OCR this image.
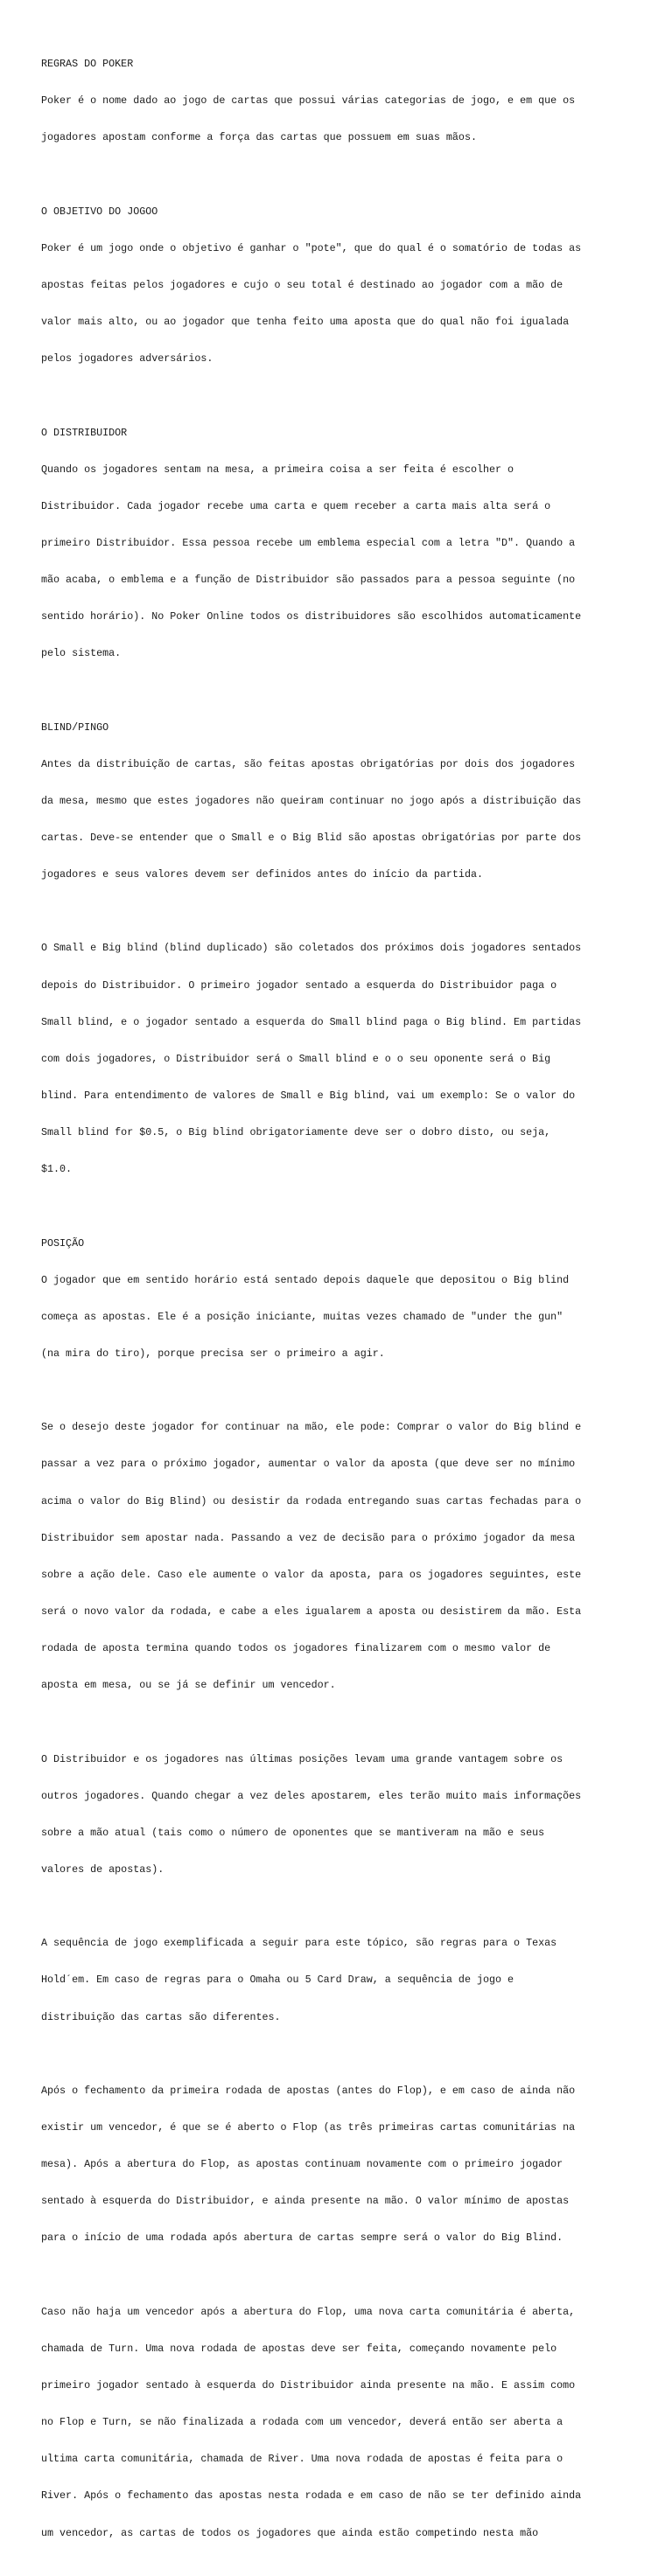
REGRAS DO POKER

Poker é o nome dado ao jogo de cartas que possui várias categorias de jogo, e em que os

jogadores apostam conforme a força das cartas que possuem em suas mãos.

O OBJETIVO DO JOGOO

Poker é um jogo onde o objetivo é ganhar o "pote", que do qual é o somatório de todas as

apostas feitas pelos jogadores e cujo o seu total é destinado ao jogador com a mão de

valor mais alto, ou ao jogador que tenha feito uma aposta que do qual não foi igualada

pelos jogadores adversários.

O DISTRIBUIDOR

Quando os jogadores sentam na mesa, a primeira coisa a ser feita é escolher o

Distribuidor. Cada jogador recebe uma carta e quem receber a carta mais alta será o

primeiro Distribuidor. Essa pessoa recebe um emblema especial com a letra "D". Quando a

mão acaba, o emblema e a função de Distribuidor são passados para a pessoa seguinte (no

sentido horário). No Poker Online todos os distribuidores são escolhidos automaticamente

pelo sistema.

BLIND/PINGO

Antes da distribuição de cartas, são feitas apostas obrigatórias por dois dos jogadores

da mesa, mesmo que estes jogadores não queiram continuar no jogo após a distribuição das

cartas. Deve-se entender que o Small e o Big Blid são apostas obrigatórias por parte dos

jogadores e seus valores devem ser definidos antes do início da partida.

O Small e Big blind (blind duplicado) são coletados dos próximos dois jogadores sentados

depois do Distribuidor. O primeiro jogador sentado a esquerda do Distribuidor paga o

Small blind, e o jogador sentado a esquerda do Small blind paga o Big blind. Em partidas

com dois jogadores, o Distribuidor será o Small blind e o o seu oponente será o Big

blind. Para entendimento de valores de Small e Big blind, vai um exemplo: Se o valor do

Small blind for $0.5, o Big blind obrigatoriamente deve ser o dobro disto, ou seja,

$1.0.

POSIÇÃO

O jogador que em sentido horário está sentado depois daquele que depositou o Big blind

começa as apostas. Ele é a posição iniciante, muitas vezes chamado de "under the gun"

(na mira do tiro), porque precisa ser o primeiro a agir.

Se o desejo deste jogador for continuar na mão, ele pode: Comprar o valor do Big blind e

passar a vez para o próximo jogador, aumentar o valor da aposta (que deve ser no mínimo

acima o valor do Big Blind) ou desistir da rodada entregando suas cartas fechadas para o

Distribuidor sem apostar nada. Passando a vez de decisão para o próximo jogador da mesa

sobre a ação dele. Caso ele aumente o valor da aposta, para os jogadores seguintes, este

será o novo valor da rodada, e cabe a eles igualarem a aposta ou desistirem da mão. Esta

rodada de aposta termina quando todos os jogadores finalizarem com o mesmo valor de

aposta em mesa, ou se já se definir um vencedor.

O Distribuidor e os jogadores nas últimas posições levam uma grande vantagem sobre os

outros jogadores. Quando chegar a vez deles apostarem, eles terão muito mais informações

sobre a mão atual (tais como o número de oponentes que se mantiveram na mão e seus

valores de apostas).

A sequência de jogo exemplificada a seguir para este tópico, são regras para o Texas

Hold´em. Em caso de regras para o Omaha ou 5 Card Draw, a sequência de jogo e

distribuição das cartas são diferentes.

Após o fechamento da primeira rodada de apostas (antes do Flop), e em caso de ainda não

existir um vencedor, é que se é aberto o Flop (as três primeiras cartas comunitárias na

mesa). Após a abertura do Flop, as apostas continuam novamente com o primeiro jogador

sentado à esquerda do Distribuidor, e ainda presente na mão. O valor mínimo de apostas

para o início de uma rodada após abertura de cartas sempre será o valor do Big Blind.

Caso não haja um vencedor após a abertura do Flop, uma nova carta comunitária é aberta,

chamada de Turn. Uma nova rodada de apostas deve ser feita, começando novamente pelo

primeiro jogador sentado à esquerda do Distribuidor ainda presente na mão. E assim como

no Flop e Turn, se não finalizada a rodada com um vencedor, deverá então ser aberta a

ultima carta comunitária, chamada de River. Uma nova rodada de apostas é feita para o

River. Após o fechamento das apostas nesta rodada e em caso de não se ter definido ainda

um vencedor, as cartas de todos os jogadores que ainda estão competindo nesta mão
